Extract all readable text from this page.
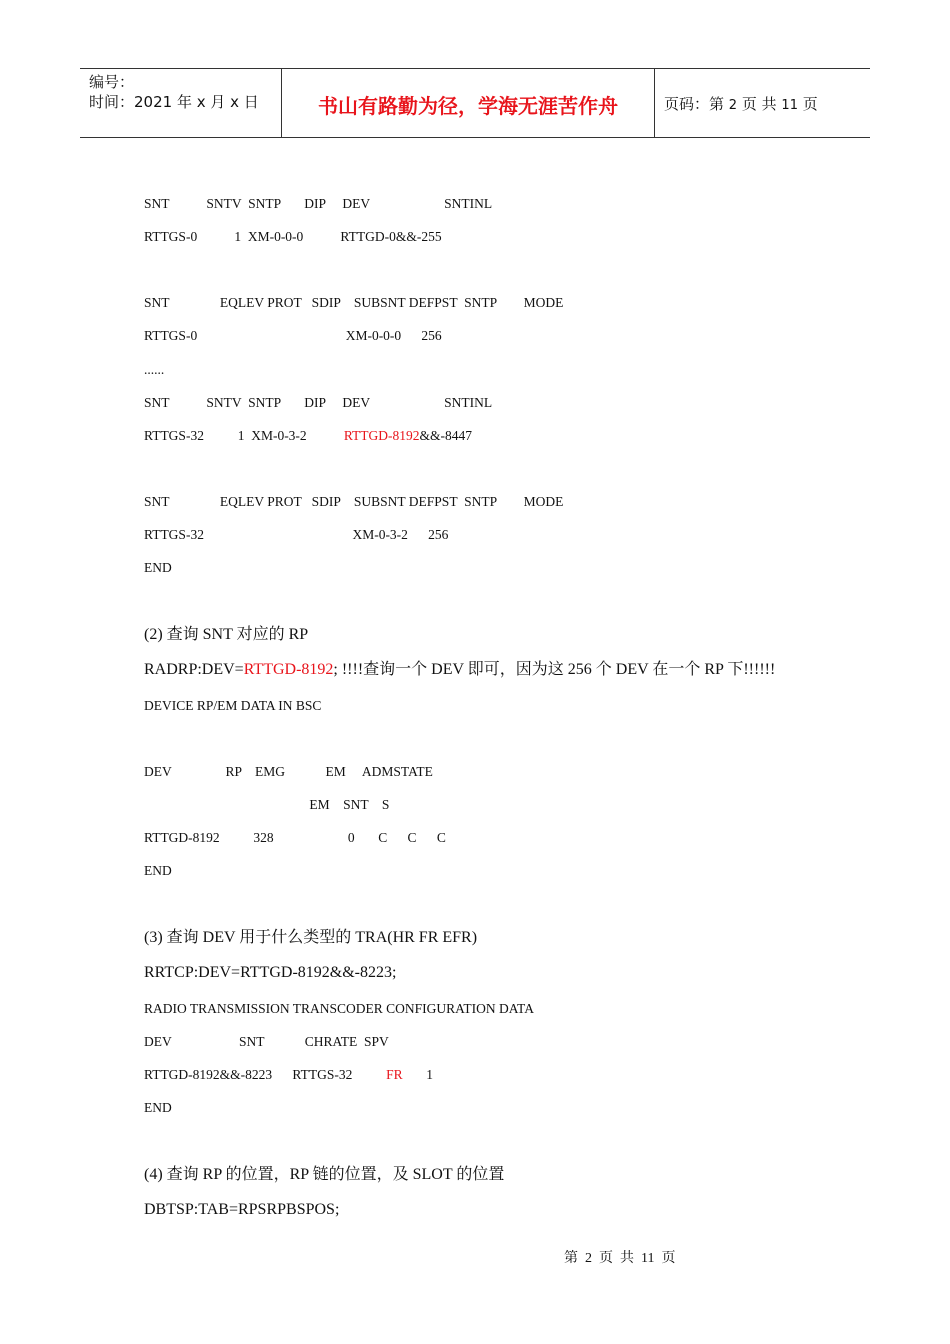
编号：
时间：2021 年 x 月 x 日	书山有路勤为径，学海无涯苦作舟	页码：第 2 页 共 11 页
SNT           SNTV  SNTP       DIP     DEV                      SNTINL
RTTGS-0           1  XM-0-0-0           RTTGD-0&&-255
SNT               EQLEV PROT   SDIP    SUBSNT DEFPST  SNTP        MODE
RTTGS-0                                            XM-0-0-0      256
......
SNT           SNTV  SNTP       DIP     DEV                      SNTINL
RTTGS-32          1  XM-0-3-2           RTTGD-8192&&-8447
SNT               EQLEV PROT   SDIP    SUBSNT DEFPST  SNTP        MODE
RTTGS-32                                            XM-0-3-2      256
END
(2) 查询 SNT 对应的 RP
RADRP:DEV=RTTGD-8192; !!!!查询一个 DEV 即可，因为这 256 个 DEV 在一个 RP 下!!!!!!
DEVICE RP/EM DATA IN BSC
DEV                RP    EMG            EM     ADMSTATE
EM    SNT    S
RTTGD-8192          328                      0       C      C      C
END
(3) 查询 DEV 用于什么类型的 TRA(HR FR EFR)
RRTCP:DEV=RTTGD-8192&&-8223;
RADIO TRANSMISSION TRANSCODER CONFIGURATION DATA
DEV                    SNT            CHRATE  SPV
RTTGD-8192&&-8223      RTTGS-32          FR       1
END
(4) 查询 RP 的位置，RP 链的位置，及 SLOT 的位置
DBTSP:TAB=RPSRPBSPOS;
第  2  页  共  11  页
